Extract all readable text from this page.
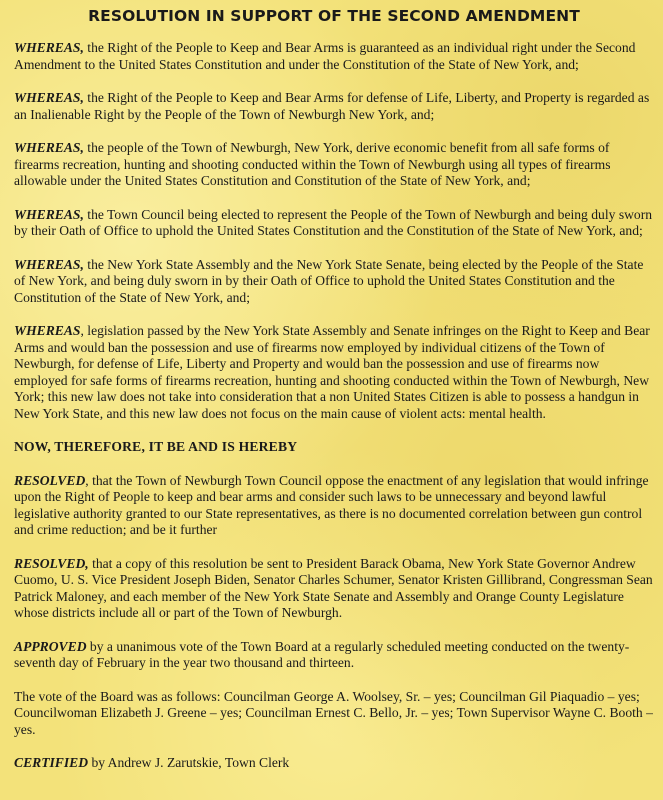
RESOLUTION IN SUPPORT OF THE SECOND AMENDMENT
WHEREAS, the Right of the People to Keep and Bear Arms is guaranteed as an individual right under the Second Amendment to the United States Constitution and under the Constitution of the State of New York, and;
WHEREAS, the Right of the People to Keep and Bear Arms for defense of Life, Liberty, and Property is regarded as an Inalienable Right by the People of the Town of Newburgh New York, and;
WHEREAS, the people of the Town of Newburgh, New York, derive economic benefit from all safe forms of firearms recreation, hunting and shooting conducted within the Town of Newburgh using all types of firearms allowable under the United States Constitution and Constitution of the State of New York, and;
WHEREAS, the Town Council being elected to represent the People of the Town of Newburgh and being duly sworn by their Oath of Office to uphold the United States Constitution and the Constitution of the State of New York, and;
WHEREAS, the New York State Assembly and the New York State Senate, being elected by the People of the State of New York, and being duly sworn in by their Oath of Office to uphold the United States Constitution and the Constitution of the State of New York, and;
WHEREAS, legislation passed by the New York State Assembly and Senate infringes on the Right to Keep and Bear Arms and would ban the possession and use of firearms now employed by individual citizens of the Town of Newburgh, for defense of Life, Liberty and Property and would ban the possession and use of firearms now employed for safe forms of firearms recreation, hunting and shooting conducted within the Town of Newburgh, New York; this new law does not take into consideration that a non United States Citizen is able to possess a handgun in New York State, and this new law does not focus on the main cause of violent acts: mental health.
NOW, THEREFORE, IT BE AND IS HEREBY
RESOLVED, that the Town of Newburgh Town Council oppose the enactment of any legislation that would infringe upon the Right of People to keep and bear arms and consider such laws to be unnecessary and beyond lawful legislative authority granted to our State representatives, as there is no documented correlation between gun control and crime reduction; and be it further
RESOLVED, that a copy of this resolution be sent to President Barack Obama, New York State Governor Andrew Cuomo, U. S. Vice President Joseph Biden, Senator Charles Schumer, Senator Kristen Gillibrand, Congressman Sean Patrick Maloney, and each member of the New York State Senate and Assembly and Orange County Legislature whose districts include all or part of the Town of Newburgh.
APPROVED by a unanimous vote of the Town Board at a regularly scheduled meeting conducted on the twenty-seventh day of February in the year two thousand and thirteen.
The vote of the Board was as follows: Councilman George A. Woolsey, Sr. – yes; Councilman Gil Piaquadio – yes; Councilwoman Elizabeth J. Greene – yes; Councilman Ernest C. Bello, Jr. – yes; Town Supervisor Wayne C. Booth – yes.
CERTIFIED by Andrew J. Zarutskie, Town Clerk
